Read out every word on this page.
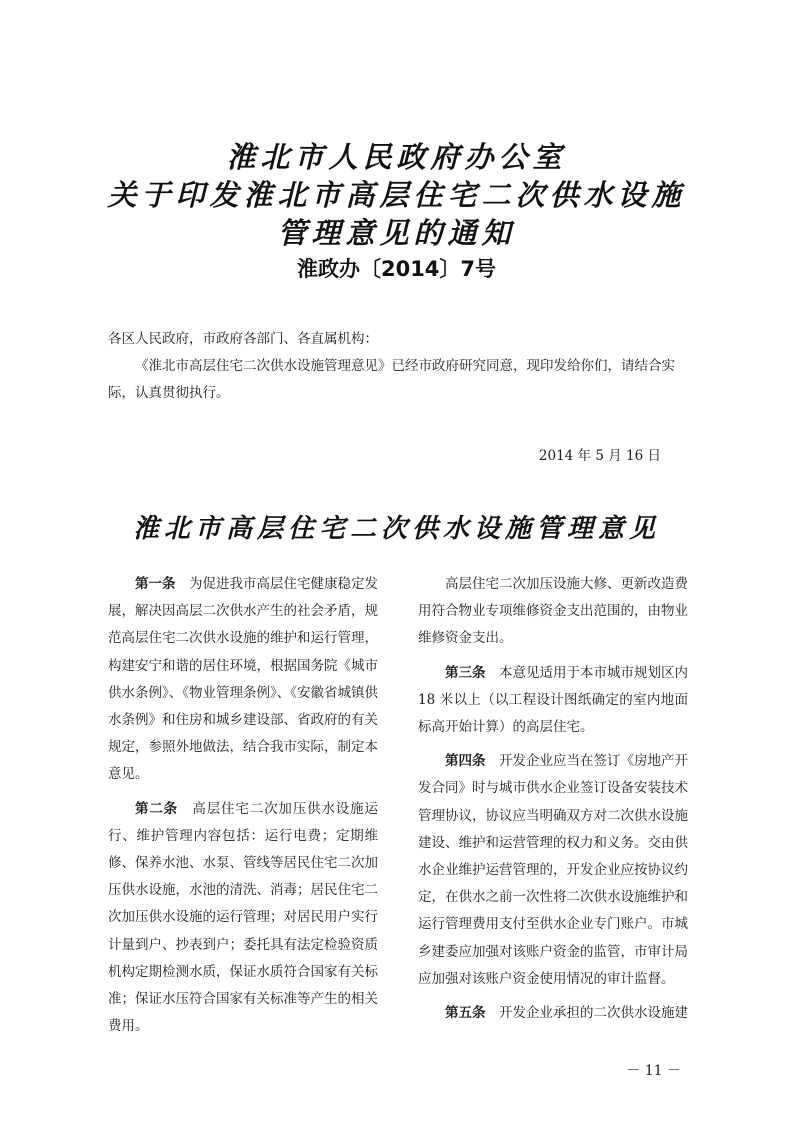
淮北市人民政府办公室
关于印发淮北市高层住宅二次供水设施
管理意见的通知
淮政办〔2014〕7号

各区人民政府，市政府各部门、各直属机构：

《淮北市高层住宅二次供水设施管理意见》已经市政府研究同意，现印发给你们，请结合实际，认真贯彻执行。

2014 年 5 月 16 日
淮北市高层住宅二次供水设施管理意见

第一条　 为促进我市高层住宅健康稳定发展，解决因高层二次供水产生的社会矛盾，规范高层住宅二次供水设施的维护和运行管理，构建安宁和谐的居住环境，根据国务院《城市供水条例》、《物业管理条例》、《安徽省城镇供水条例》和住房和城乡建设部、省政府的有关规定，参照外地做法，结合我市实际，制定本意见。

第二条　 高层住宅二次加压供水设施运行、维护管理内容包括：运行电费；定期维修、保养水池、水泵、管线等居民住宅二次加压供水设施，水池的清洗、消毒；居民住宅二次加压供水设施的运行管理；对居民用户实行计量到户、抄表到户；委托具有法定检验资质机构定期检测水质，保证水质符合国家有关标准；保证水压符合国家有关标准等产生的相关费用。

高层住宅二次加压设施大修、更新改造费用符合物业专项维修资金支出范围的，由物业维修资金支出。

第三条　 本意见适用于本市城市规划区内 18 米以上（以工程设计图纸确定的室内地面标高开始计算）的高层住宅。

第四条　 开发企业应当在签订《房地产开发合同》时与城市供水企业签订设备安装技术管理协议，协议应当明确双方对二次供水设施建设、维护和运营管理的权力和义务。交由供水企业维护运营管理的，开发企业应按协议约定，在供水之前一次性将二次供水设施维护和运行管理费用支付至供水企业专门账户。市城乡建委应加强对该账户资金的监管，市审计局应加强对该账户资金使用情况的审计监督。

第五条　 开发企业承担的二次供水设施建

－ 11 －
